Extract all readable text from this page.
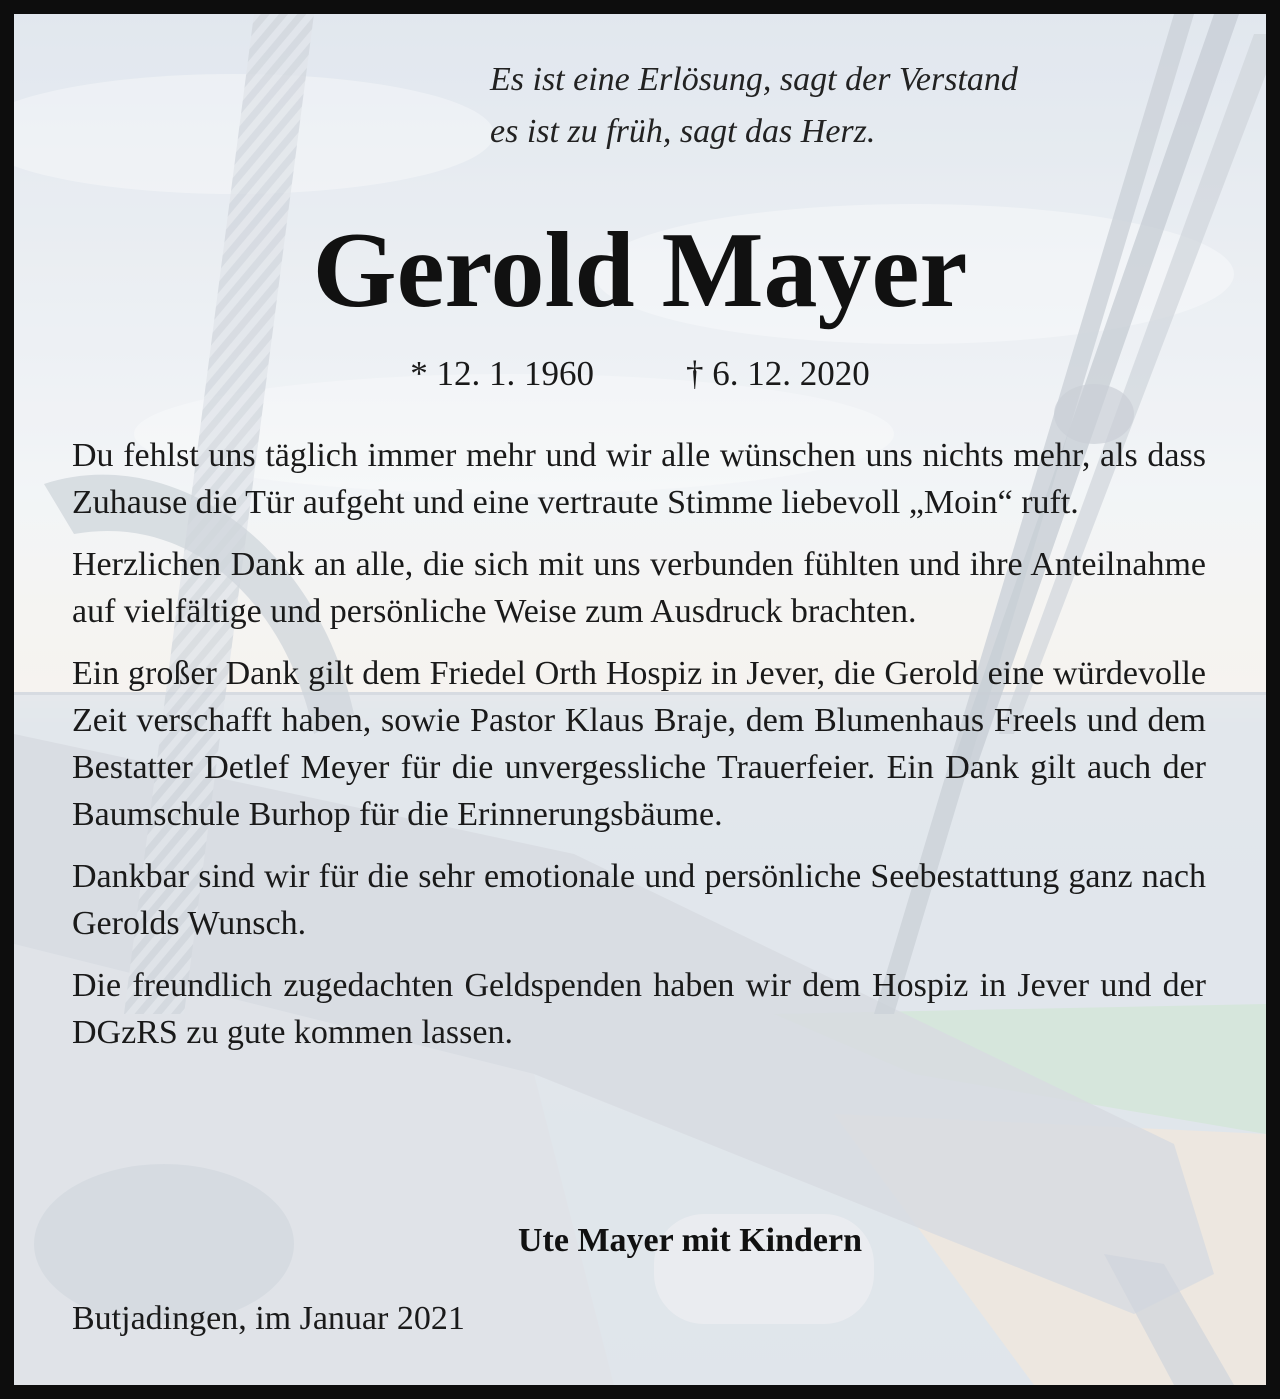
Es ist eine Erlösung, sagt der Verstand
es ist zu früh, sagt das Herz.
Gerold Mayer
* 12. 1. 1960	† 6. 12. 2020

Du fehlst uns täglich immer mehr und wir alle wünschen uns nichts mehr, als dass Zuhause die Tür aufgeht und eine vertraute Stimme liebevoll „Moin“ ruft.

Herzlichen Dank an alle, die sich mit uns verbunden fühlten und ihre Anteilnahme auf vielfältige und persönliche Weise zum Ausdruck brachten.

Ein großer Dank gilt dem Friedel Orth Hospiz in Jever, die Gerold eine würdevolle Zeit verschafft haben, sowie Pastor Klaus Braje, dem Blumenhaus Freels und dem Bestatter Detlef Meyer für die unvergessliche Trauerfeier. Ein Dank gilt auch der Baumschule Burhop für die Erinnerungsbäume.

Dankbar sind wir für die sehr emotionale und persönliche Seebestattung ganz nach Gerolds Wunsch.

Die freundlich zugedachten Geldspenden haben wir dem Hospiz in Jever und der DGzRS zu gute kommen lassen.

Ute Mayer mit Kindern
Butjadingen, im Januar 2021
